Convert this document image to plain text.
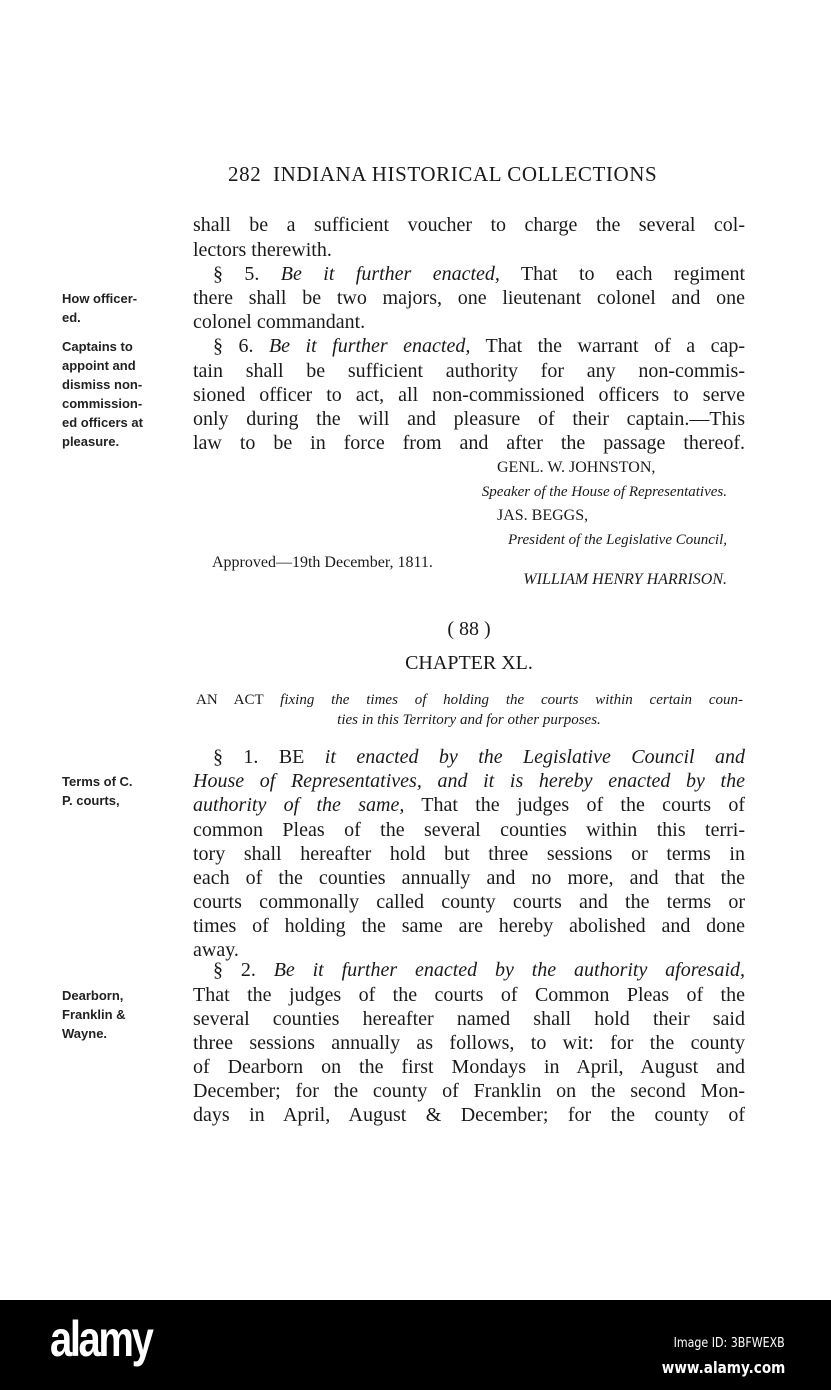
282 INDIANA HISTORICAL COLLECTIONS
shall be a sufficient voucher to charge the several col-
lectors therewith.
§ 5. Be it further enacted, That to each regiment
there shall be two majors, one lieutenant colonel and one
colonel commandant.
§ 6. Be it further enacted, That the warrant of a cap-
tain shall be sufficient authority for any non-commis-
sioned officer to act, all non-commissioned officers to serve
only during the will and pleasure of their captain.—This
law to be in force from and after the passage thereof.
GENL. W. JOHNSTON,
Speaker of the House of Representatives.
JAS. BEGGS,
President of the Legislative Council,
Approved—19th December, 1811.
WILLIAM HENRY HARRISON.
( 88 )
CHAPTER XL.
AN ACT fixing the times of holding the courts within certain coun-
ties in this Territory and for other purposes.
§ 1. BE it enacted by the Legislative Council and
House of Representatives, and it is hereby enacted by the
authority of the same, That the judges of the courts of
common Pleas of the several counties within this terri-
tory shall hereafter hold but three sessions or terms in
each of the counties annually and no more, and that the
courts commonally called county courts and the terms or
times of holding the same are hereby abolished and done
away.
§ 2. Be it further enacted by the authority aforesaid,
That the judges of the courts of Common Pleas of the
several counties hereafter named shall hold their said
three sessions annually as follows, to wit: for the county
of Dearborn on the first Mondays in April, August and
December; for the county of Franklin on the second Mon-
days in April, August & December; for the county of
How officer-
ed.
Captains to
appoint and
dismiss non-
commission-
ed officers at
pleasure.
Terms of C.
P. courts,
Dearborn,
Franklin &
Wayne.
alamy	Image ID: 3BFWEXB
www.alamy.com
